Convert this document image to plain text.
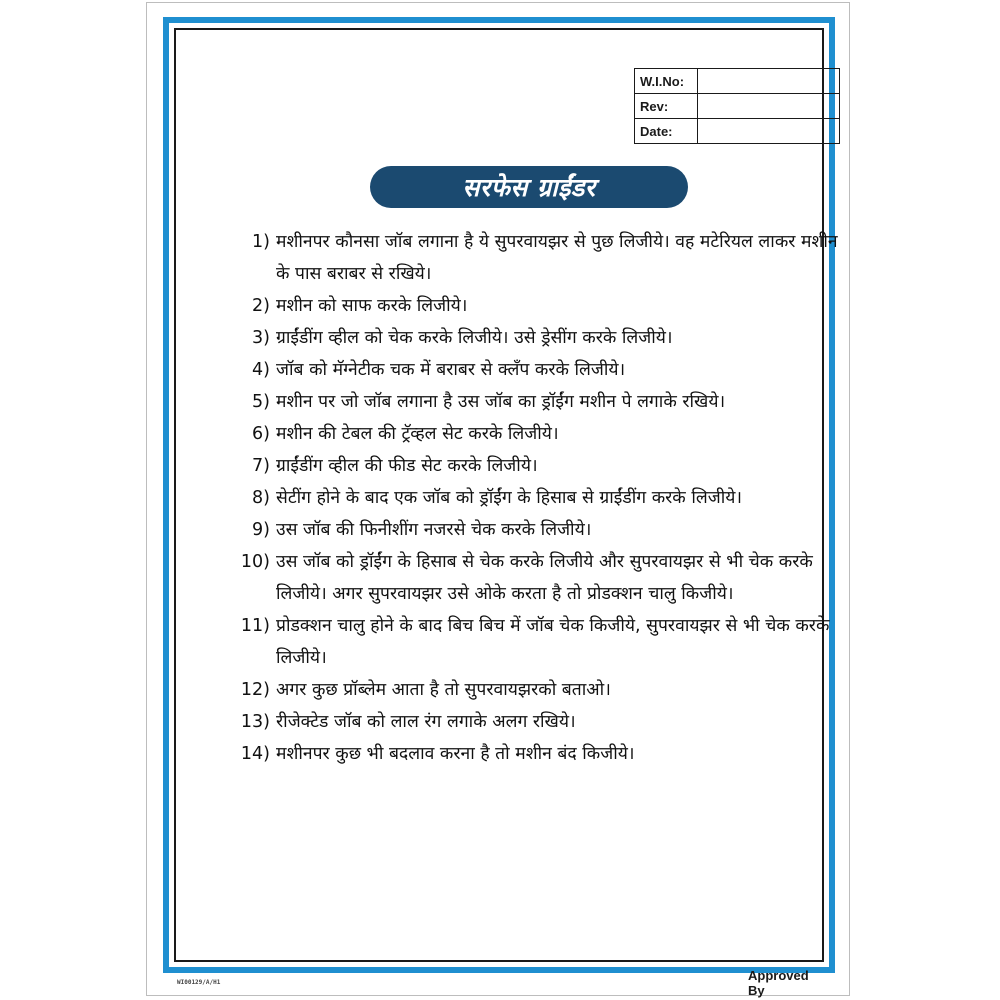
W.I.No:	
Rev:	
Date:	
सरफेस ग्राईंडर
1) मशीनपर कौनसा जॉब लगाना है ये सुपरवायझर से पुछ लिजीये। वह मटेरियल लाकर मशीन के पास बराबर से रखिये।
2) मशीन को साफ करके लिजीये।
3) ग्राईंडींग व्हील को चेक करके लिजीये। उसे ड्रेसींग करके लिजीये।
4) जॉब को मॅग्नेटीक चक में बराबर से क्लॅंप करके लिजीये।
5) मशीन पर जो जॉब लगाना है उस जॉब का ड्रॉईंग मशीन पे लगाके रखिये।
6) मशीन की टेबल की ट्रॅव्हल सेट करके लिजीये।
7) ग्राईंडींग व्हील की फीड सेट करके लिजीये।
8) सेटींग होने के बाद एक जॉब को ड्रॉईंग के हिसाब से ग्राईंडींग करके लिजीये।
9) उस जॉब की फिनीशींग नजरसे चेक करके लिजीये।
10) उस जॉब को ड्रॉईंग के हिसाब से चेक करके लिजीये और सुपरवायझर से भी चेक करके लिजीये। अगर सुपरवायझर उसे ओके करता है तो प्रोडक्शन चालु किजीये।
11) प्रोडक्शन चालु होने के बाद बिच बिच में जॉब चेक किजीये, सुपरवायझर से भी चेक करके लिजीये।
12) अगर कुछ प्रॉब्लेम आता है तो सुपरवायझरको बताओ।
13) रीजेक्टेड जॉब को लाल रंग लगाके अलग रखिये।
14) मशीनपर कुछ भी बदलाव करना है तो मशीन बंद किजीये।
Approved By
WI00129/A/H1
